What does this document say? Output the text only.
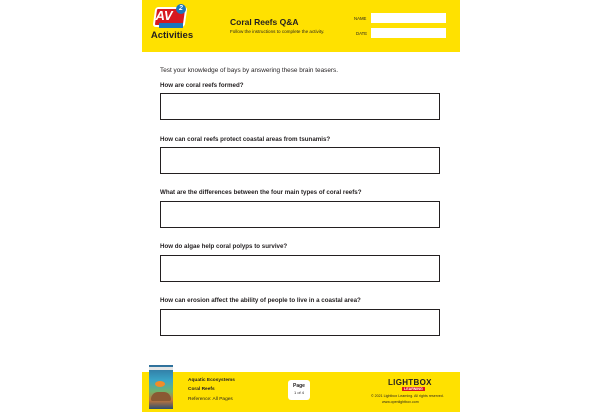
AV 2
Activities
Coral Reefs Q&A
Follow the instructions to complete the activity.
NAME
DATE
Test your knowledge of bays by answering these brain teasers.
How are coral reefs formed?
How can coral reefs protect coastal areas from tsunamis?
What are the differences between the four main types of coral reefs?
How do algae help coral polyps to survive?
How can erosion affect the ability of people to live in a coastal area?
Aquatic Ecosystems
Coral Reefs
Reference: All Pages
Page
1 of 4
LIGHTBOX
LEARNING
© 2021 Lightbox Learning. All rights reserved.
www.openlightbox.com
